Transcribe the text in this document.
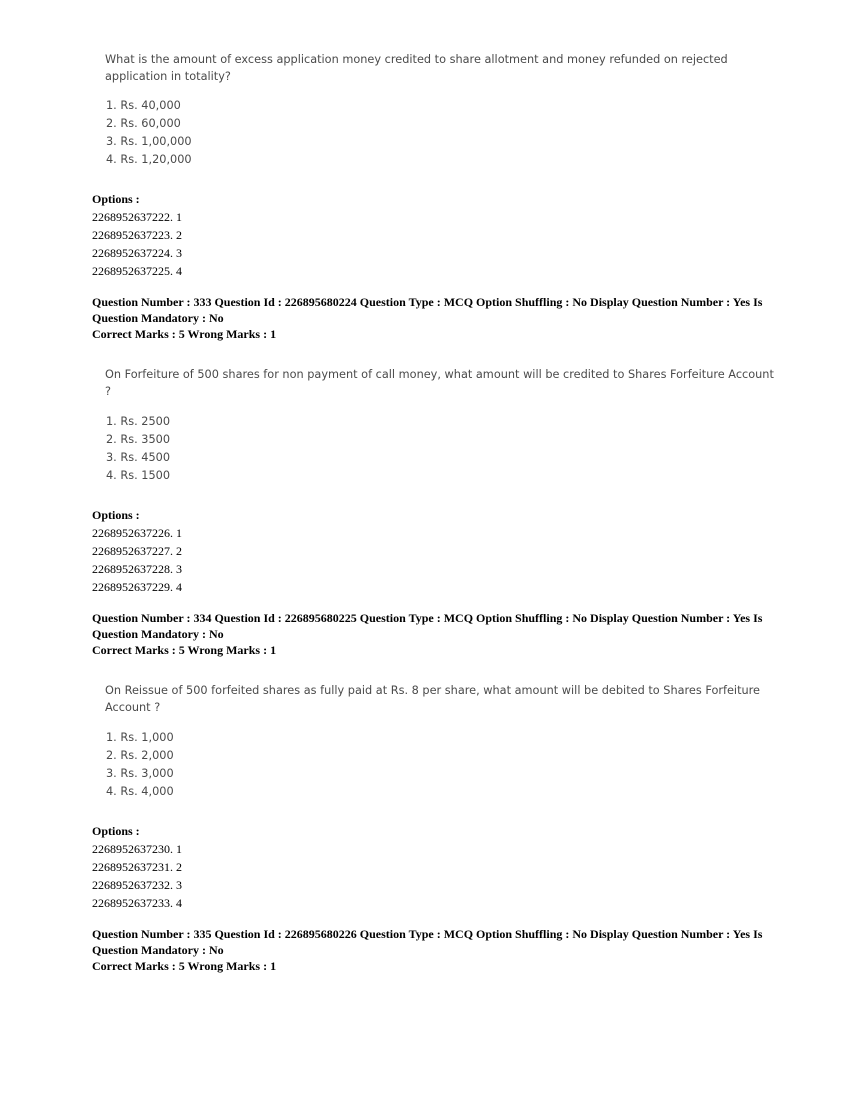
What is the amount of excess application money credited to share allotment and money refunded on rejected
application in totality?
1. Rs. 40,000
2. Rs. 60,000
3. Rs. 1,00,000
4. Rs. 1,20,000
Options :
2268952637222. 1
2268952637223. 2
2268952637224. 3
2268952637225. 4

Question Number : 333 Question Id : 226895680224 Question Type : MCQ Option Shuffling : No Display Question Number : Yes Is

Question Mandatory : No

Correct Marks : 5 Wrong Marks : 1

On Forfeiture of 500 shares for non payment of call money, what amount will be credited to Shares Forfeiture Account
?
1. Rs. 2500
2. Rs. 3500
3. Rs. 4500
4. Rs. 1500
Options :
2268952637226. 1
2268952637227. 2
2268952637228. 3
2268952637229. 4

Question Number : 334 Question Id : 226895680225 Question Type : MCQ Option Shuffling : No Display Question Number : Yes Is

Question Mandatory : No

Correct Marks : 5 Wrong Marks : 1

On Reissue of 500 forfeited shares as fully paid at Rs. 8 per share, what amount will be debited to Shares Forfeiture
Account ?
1. Rs. 1,000
2. Rs. 2,000
3. Rs. 3,000
4. Rs. 4,000
Options :
2268952637230. 1
2268952637231. 2
2268952637232. 3
2268952637233. 4

Question Number : 335 Question Id : 226895680226 Question Type : MCQ Option Shuffling : No Display Question Number : Yes Is

Question Mandatory : No

Correct Marks : 5 Wrong Marks : 1
